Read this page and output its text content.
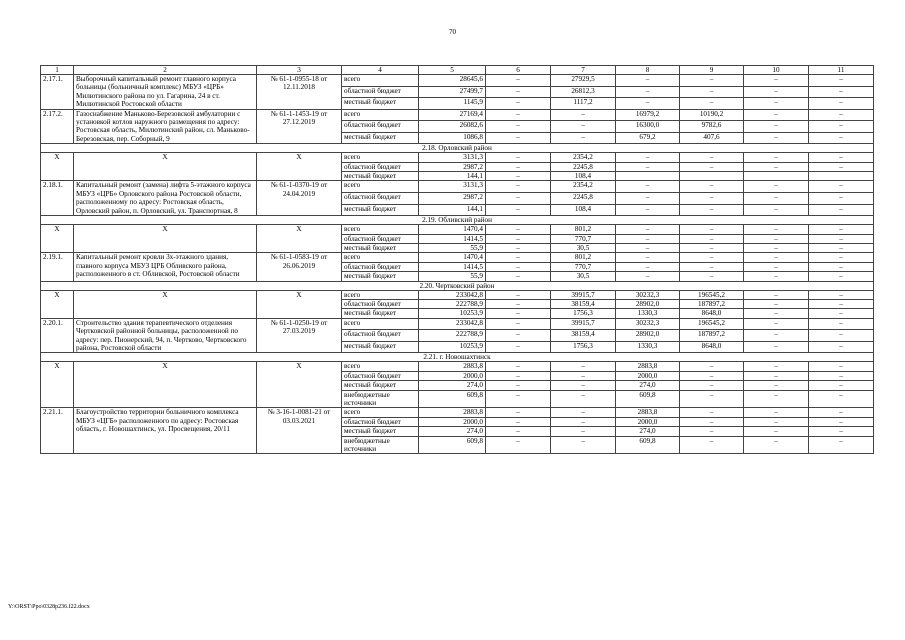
70
1	2	3	4	5	6	7	8	9	10	11
2.17.1.	Выборочный капитальный ремонт главного корпуса больницы (больничный комплекс) МБУЗ «ЦРБ» Милютинского района по ул. Гагарина, 24 в ст. Милютинской Ростовской области	№ 61-1-0955-18 от 12.11.2018	всего	28645,6	–	27929,5	–	–	–	–
			областной бюджет	27499,7	–	26812,3	–	–	–	–
			местный бюджет	1145,9	–	1117,2	–	–	–	–
2.17.2.	Газоснабжение Маньково-Березовской амбулатории с установкой котлов наружного размещения по адресу: Ростовская область, Милютинский район, сл. Маньково-Березовская, пер. Соборный, 9	№ 61-1-1453-19 от 27.12.2019	всего	27169,4	–	–	16979,2	10190,2	–	–
			областной бюджет	26082,6	–	–	16300,0	9782,6	–	–
			местный бюджет	1086,8	–	–	679,2	407,6	–	–
2.18. Орловский район										
X	X	X	всего	3131,3	–	2354,2	–	–	–	–
			областной бюджет	2987,2	–	2245,8	–	–	–	–
			местный бюджет	144,1	–	108,4				
2.18.1.	Капитальный ремонт (замена) лифта 5-этажного корпуса МБУЗ «ЦРБ» Орловского района Ростовской области, расположенному по адресу: Ростовская область, Орловский район, п. Орловский, ул. Транспортная, 8	№ 61-1-0370-19 от 24.04.2019	всего	3131,3	–	2354,2	–	–	–	–
			областной бюджет	2987,2	–	2245,8	–	–	–	–
			местный бюджет	144,1	–	108,4	–	–	–	–
2.19. Обливский район										
X	X	X	всего	1470,4	–	801,2	–	–	–	–
			областной бюджет	1414,5	–	770,7	–	–	–	–
			местный бюджет	55,9	–	30,5	–	–	–	–
2.19.1.	Капитальный ремонт кровли 3х-этажного здания, главного корпуса МБУЗ ЦРБ Обливского района, расположенного в ст. Обливской, Ростовской области	№ 61-1-0583-19 от 26.06.2019	всего	1470,4	–	801,2	–	–	–	–
			областной бюджет	1414,5	–	770,7	–	–	–	–
			местный бюджет	55,9	–	30,5	–	–	–	–
2.20. Чертковский район										
X	X	X	всего	233042,8	–	39915,7	30232,3	196545,2	–	–
			областной бюджет	222788,9	–	38159,4	28902,0	187897,2	–	–
			местный бюджет	10253,9	–	1756,3	1330,3	8648,0	–	–
2.20.1.	Строительство здания терапевтического отделения Чертковской районной больницы, расположенной по адресу: пер. Пионерский, 94, п. Чертково, Чертковского района, Ростовской области	№ 61-1-0250-19 от 27.03.2019	всего	233042,8	–	39915,7	30232,3	196545,2	–	–
			областной бюджет	222788,9	–	38159,4	28902,0	187897,2	–	–
			местный бюджет	10253,9	–	1756,3	1330,3	8648,0	–	–
2.21. г. Новошахтинск										
X	X	X	всего	2883,8	–	–	2883,8	–	–	–
			областной бюджет	2000,0	–	–	2000,0	–	–	–
			местный бюджет	274,0	–	–	274,0	–	–	–
			внебюджетные источники	609,8	–	–	609,8	–	–	–
2.21.1.	Благоустройство территории больничного комплекса МБУЗ «ЦГБ» расположенного по адресу: Ростовская область, г. Новошахтинск, ул. Просвещения, 20/11	№ 3-16-1-0081-21 от 03.03.2021	всего	2883,8	–	–	2883,8	–	–	–
			областной бюджет	2000,0	–	–	2000,0	–	–	–
			местный бюджет	274,0	–	–	274,0	–	–	–
			внебюджетные источники	609,8	–	–	609,8	–	–	–
Y:\ORST\Ppo\0328p236.f22.docx
